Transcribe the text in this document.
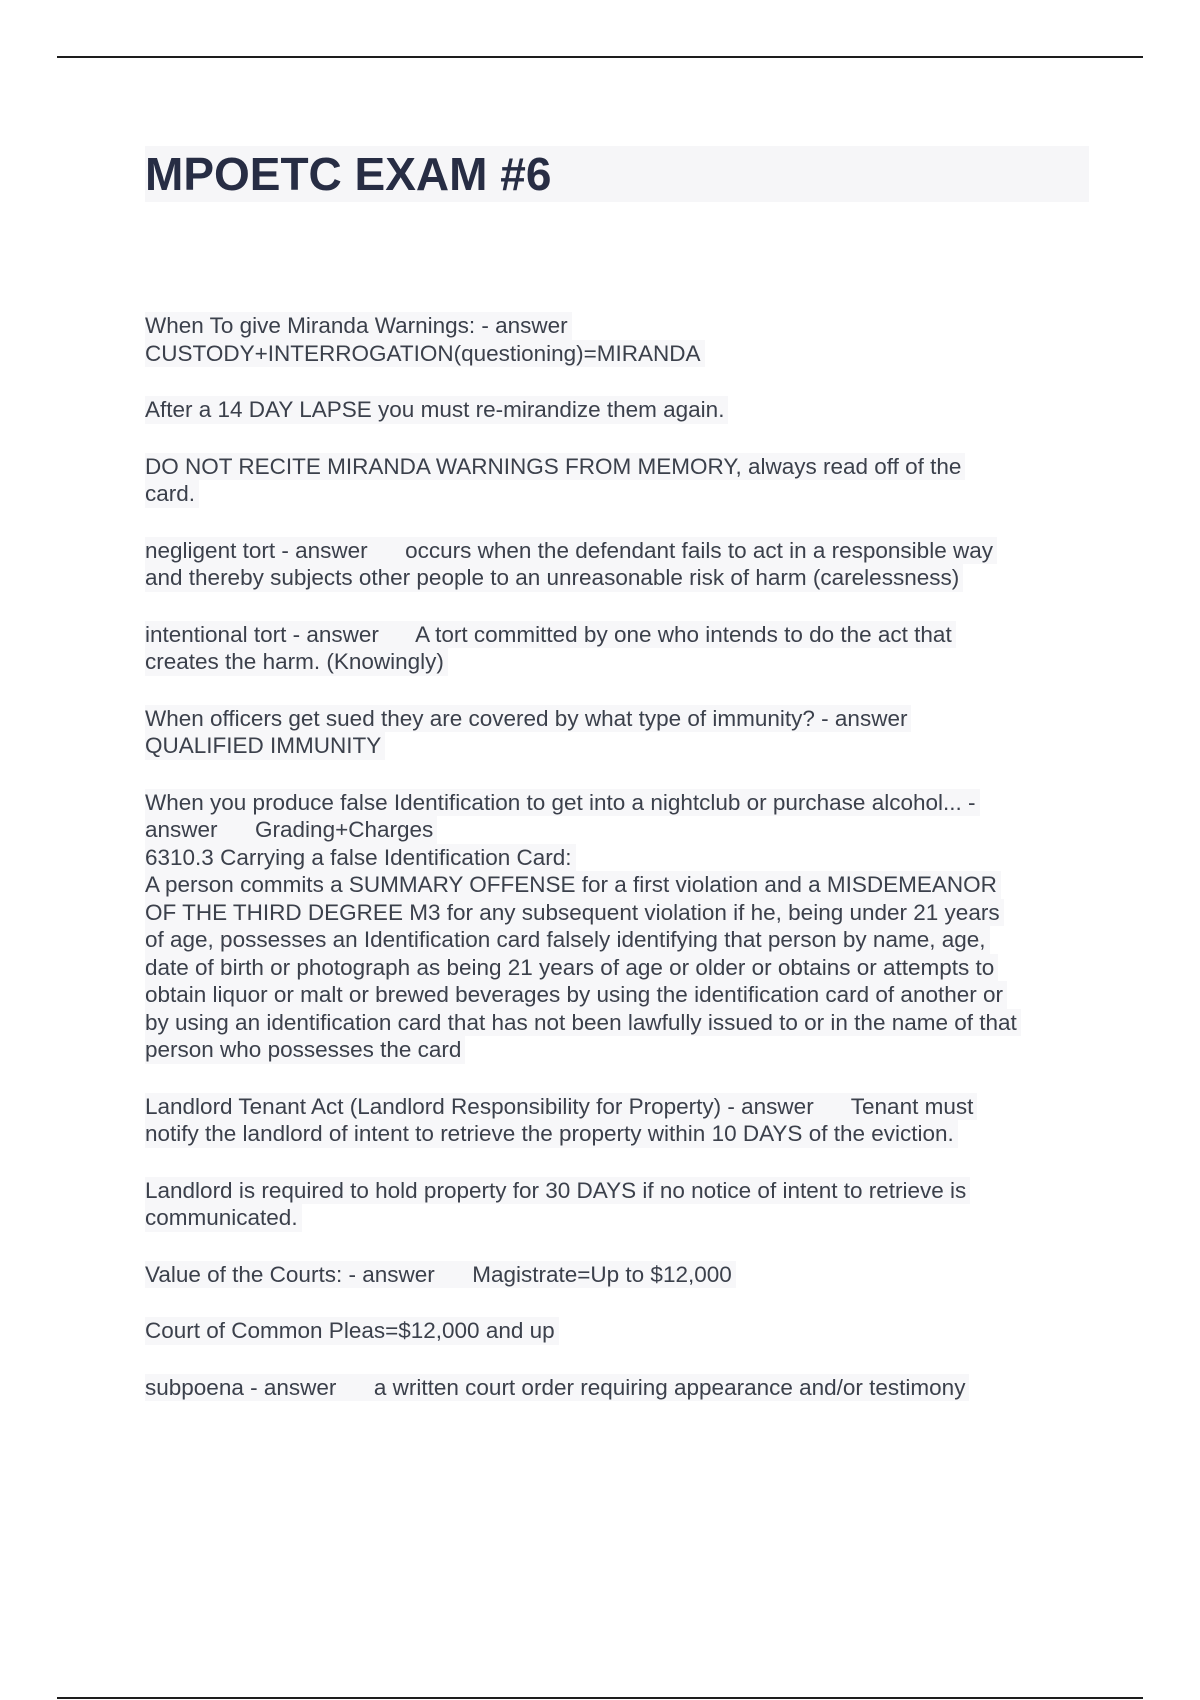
MPOETC EXAM #6
When To give Miranda Warnings: - answer
CUSTODY+INTERROGATION(questioning)=MIRANDA
After a 14 DAY LAPSE you must re-mirandize them again.
DO NOT RECITE MIRANDA WARNINGS FROM MEMORY, always read off of the
card.
negligent tort - answer      occurs when the defendant fails to act in a responsible way
and thereby subjects other people to an unreasonable risk of harm (carelessness)
intentional tort - answer      A tort committed by one who intends to do the act that
creates the harm. (Knowingly)
When officers get sued they are covered by what type of immunity? - answer
QUALIFIED IMMUNITY
When you produce false Identification to get into a nightclub or purchase alcohol... -
answer      Grading+Charges
6310.3 Carrying a false Identification Card:
A person commits a SUMMARY OFFENSE for a first violation and a MISDEMEANOR
OF THE THIRD DEGREE M3 for any subsequent violation if he, being under 21 years
of age, possesses an Identification card falsely identifying that person by name, age,
date of birth or photograph as being 21 years of age or older or obtains or attempts to
obtain liquor or malt or brewed beverages by using the identification card of another or
by using an identification card that has not been lawfully issued to or in the name of that
person who possesses the card
Landlord Tenant Act (Landlord Responsibility for Property) - answer      Tenant must
notify the landlord of intent to retrieve the property within 10 DAYS of the eviction.
Landlord is required to hold property for 30 DAYS if no notice of intent to retrieve is
communicated.
Value of the Courts: - answer      Magistrate=Up to $12,000
Court of Common Pleas=$12,000 and up
subpoena - answer      a written court order requiring appearance and/or testimony
